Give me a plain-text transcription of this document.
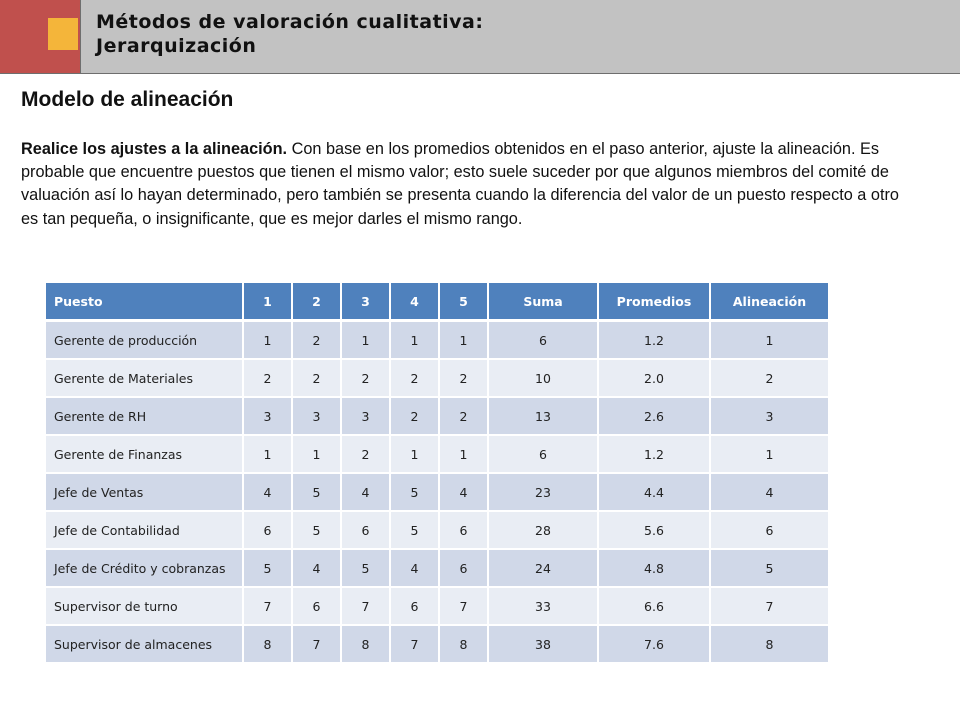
Métodos de valoración cualitativa:
Jerarquización
Modelo de alineación
Realice los ajustes a la alineación. Con base en los promedios obtenidos en el paso anterior, ajuste la alineación. Es probable que encuentre puestos que tienen el mismo valor; esto suele suceder por que algunos miembros del comité de valuación así lo hayan determinado, pero también se presenta cuando la diferencia del valor de un puesto respecto a otro es tan pequeña, o insignificante, que es mejor darles el mismo rango.
Puesto	1	2	3	4	5	Suma	Promedios	Alineación
Gerente de producción	1	2	1	1	1	6	1.2	1
Gerente de Materiales	2	2	2	2	2	10	2.0	2
Gerente de RH	3	3	3	2	2	13	2.6	3
Gerente de Finanzas	1	1	2	1	1	6	1.2	1
Jefe de Ventas	4	5	4	5	4	23	4.4	4
Jefe de Contabilidad	6	5	6	5	6	28	5.6	6
Jefe de Crédito y cobranzas	5	4	5	4	6	24	4.8	5
Supervisor de turno	7	6	7	6	7	33	6.6	7
Supervisor de almacenes	8	7	8	7	8	38	7.6	8
